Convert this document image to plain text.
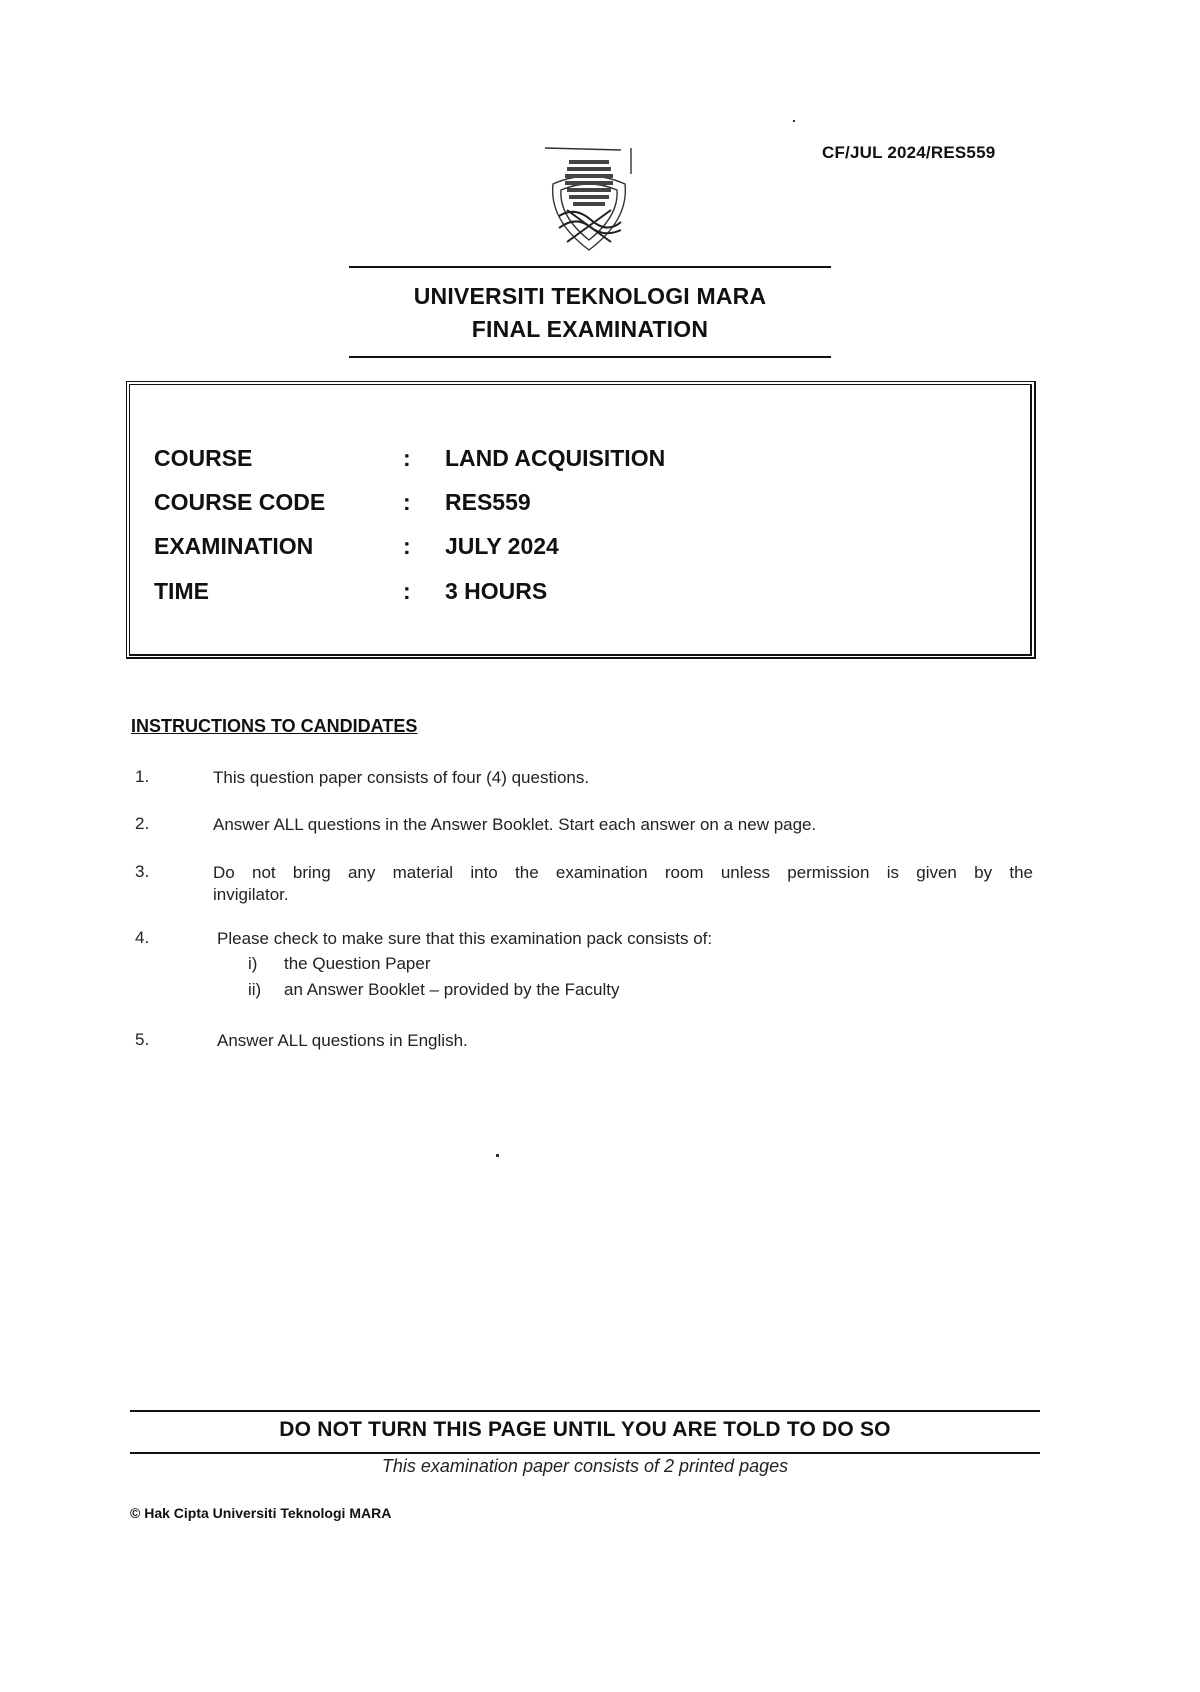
CF/JUL 2024/RES559
UNIVERSITI TEKNOLOGI MARA
FINAL EXAMINATION
COURSE	: LAND ACQUISITION
COURSE CODE	: RES559
EXAMINATION	: JULY 2024
TIME	: 3 HOURS
INSTRUCTIONS TO CANDIDATES
1.	This question paper consists of four (4) questions.
2.	Answer ALL questions in the Answer Booklet. Start each answer on a new page.
3.	Do not bring any material into the examination room unless permission is given by the
invigilator.
4.	Please check to make sure that this examination pack consists of:
i) the Question Paper
ii) an Answer Booklet – provided by the Faculty
5.	Answer ALL questions in English.
DO NOT TURN THIS PAGE UNTIL YOU ARE TOLD TO DO SO
This examination paper consists of 2 printed pages
© Hak Cipta Universiti Teknologi MARA
